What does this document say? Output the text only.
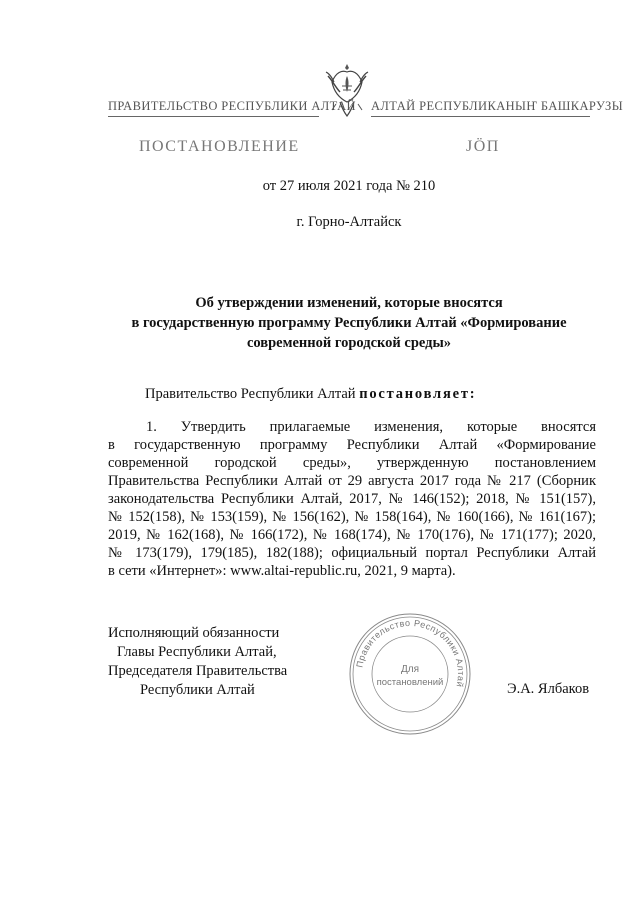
ПРАВИТЕЛЬСТВО РЕСПУБЛИКИ АЛТАЙ АЛТАЙ РЕСПУБЛИКАНЫҤ БАШКАРУЗЫ
ПОСТАНОВЛЕНИЕ	ЈӦП
от 27 июля 2021 года № 210
г. Горно-Алтайск
Об утверждении изменений, которые вносятся
в государственную программу Республики Алтай «Формирование
современной городской среды»
Правительство Республики Алтай постановляет:
1. Утвердить прилагаемые изменения, которые вносятся
в государственную программу Республики Алтай «Формирование
современной городской среды», утвержденную постановлением
Правительства Республики Алтай от 29 августа 2017 года № 217 (Сборник
законодательства Республики Алтай, 2017, № 146(152); 2018, № 151(157),
№ 152(158), № 153(159), № 156(162), № 158(164), № 160(166), № 161(167);
2019, № 162(168), № 166(172), № 168(174), № 170(176), № 171(177); 2020,
№ 173(179), 179(185), 182(188); официальный портал Республики Алтай
в сети «Интернет»: www.altai-republic.ru, 2021, 9 марта).
Исполняющий обязанности
Главы Республики Алтай,
Председателя Правительства
Республики Алтай
Правительство Республики Алтай
Для
постановлений	Э.А. Ялбаков
